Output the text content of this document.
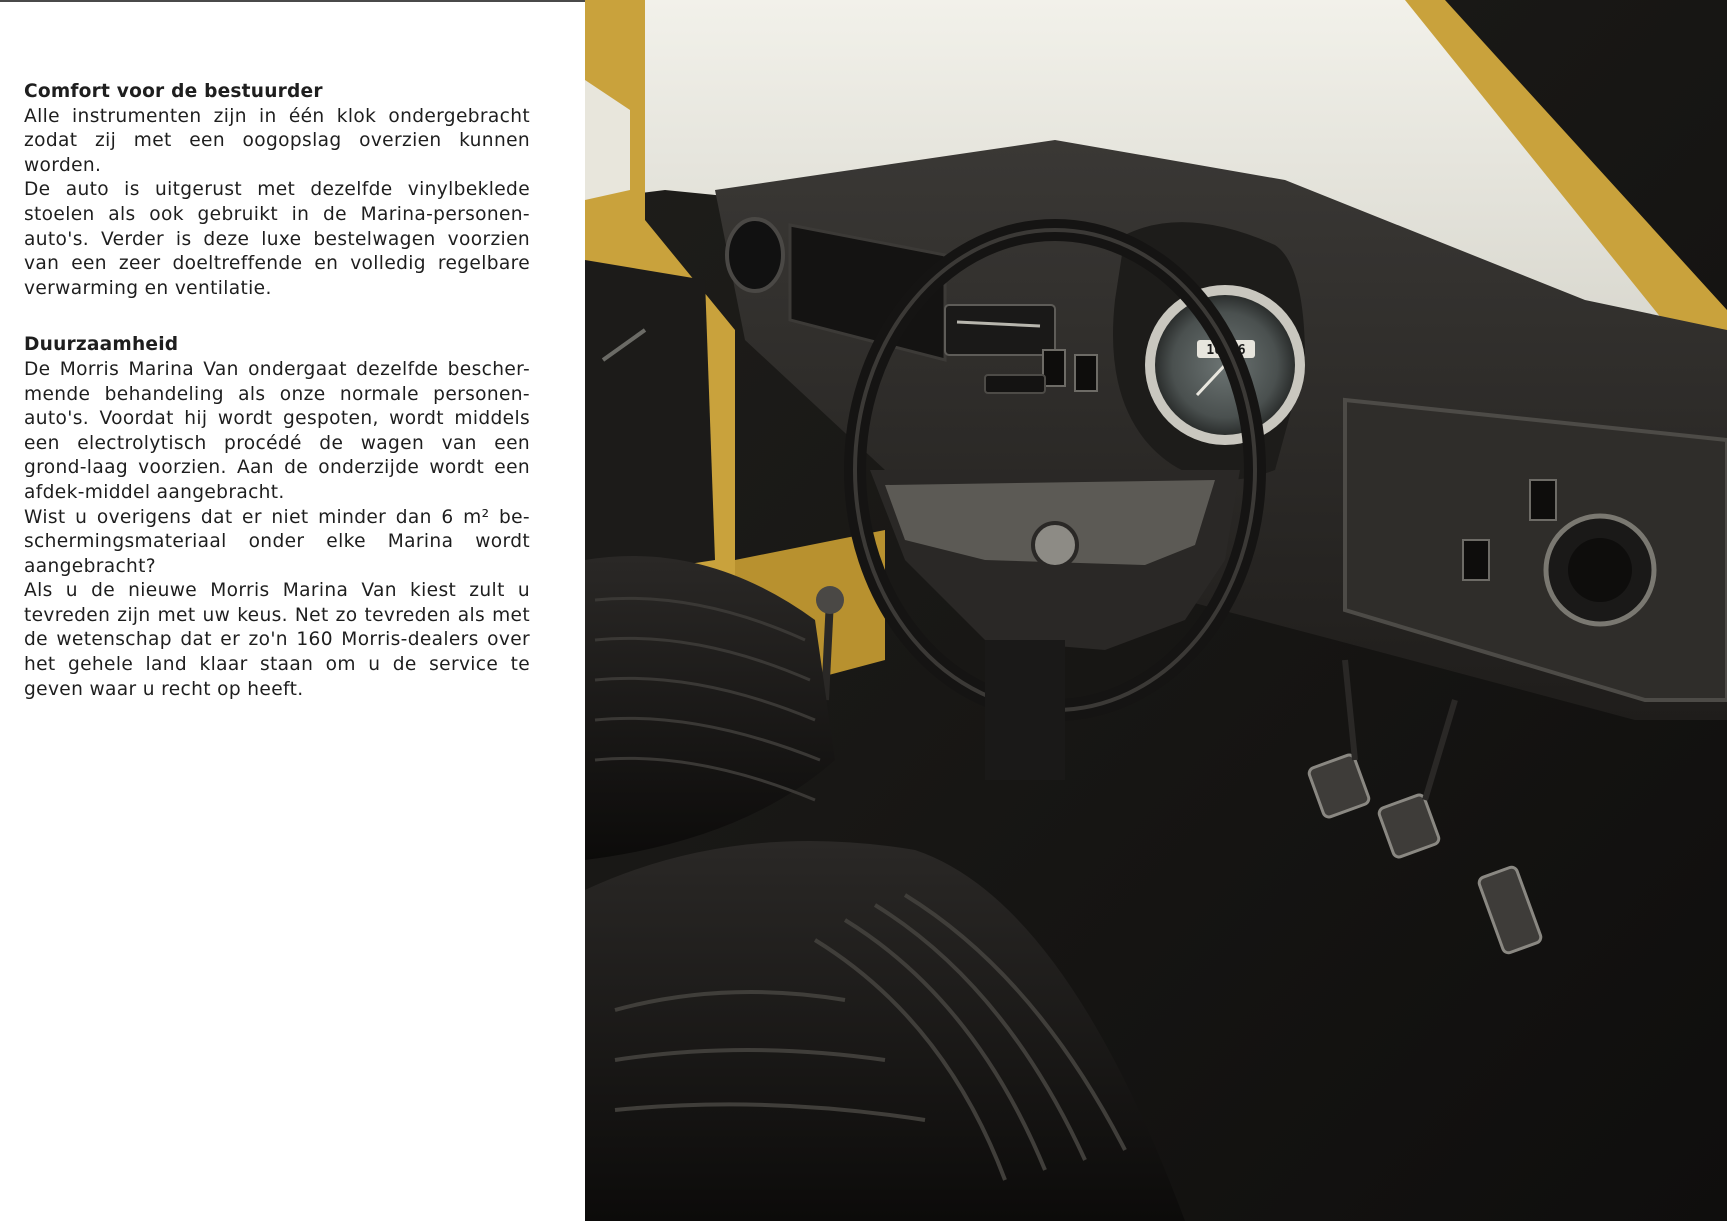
Comfort voor de bestuurder

Alle instrumenten zijn in één klok ondergebracht zodat zij met een oogopslag overzien kunnen worden.

De auto is uitgerust met dezelfde vinylbeklede stoelen als ook gebruikt in de Marina-personen-auto's. Verder is deze luxe bestelwagen voorzien van een zeer doeltreffende en volledig regelbare verwarming en ventilatie.

Duurzaamheid

De Morris Marina Van ondergaat dezelfde bescher-mende behandeling als onze normale personen-auto's. Voordat hij wordt gespoten, wordt middels een electrolytisch procédé de wagen van een grond-laag voorzien. Aan de onderzijde wordt een afdek-middel aangebracht.

Wist u overigens dat er niet minder dan 6 m² be-schermingsmateriaal onder elke Marina wordt aangebracht?

Als u de nieuwe Morris Marina Van kiest zult u tevreden zijn met uw keus. Net zo tevreden als met de wetenschap dat er zo'n 160 Morris-dealers over het gehele land klaar staan om u de service te geven waar u recht op heeft.

16806
